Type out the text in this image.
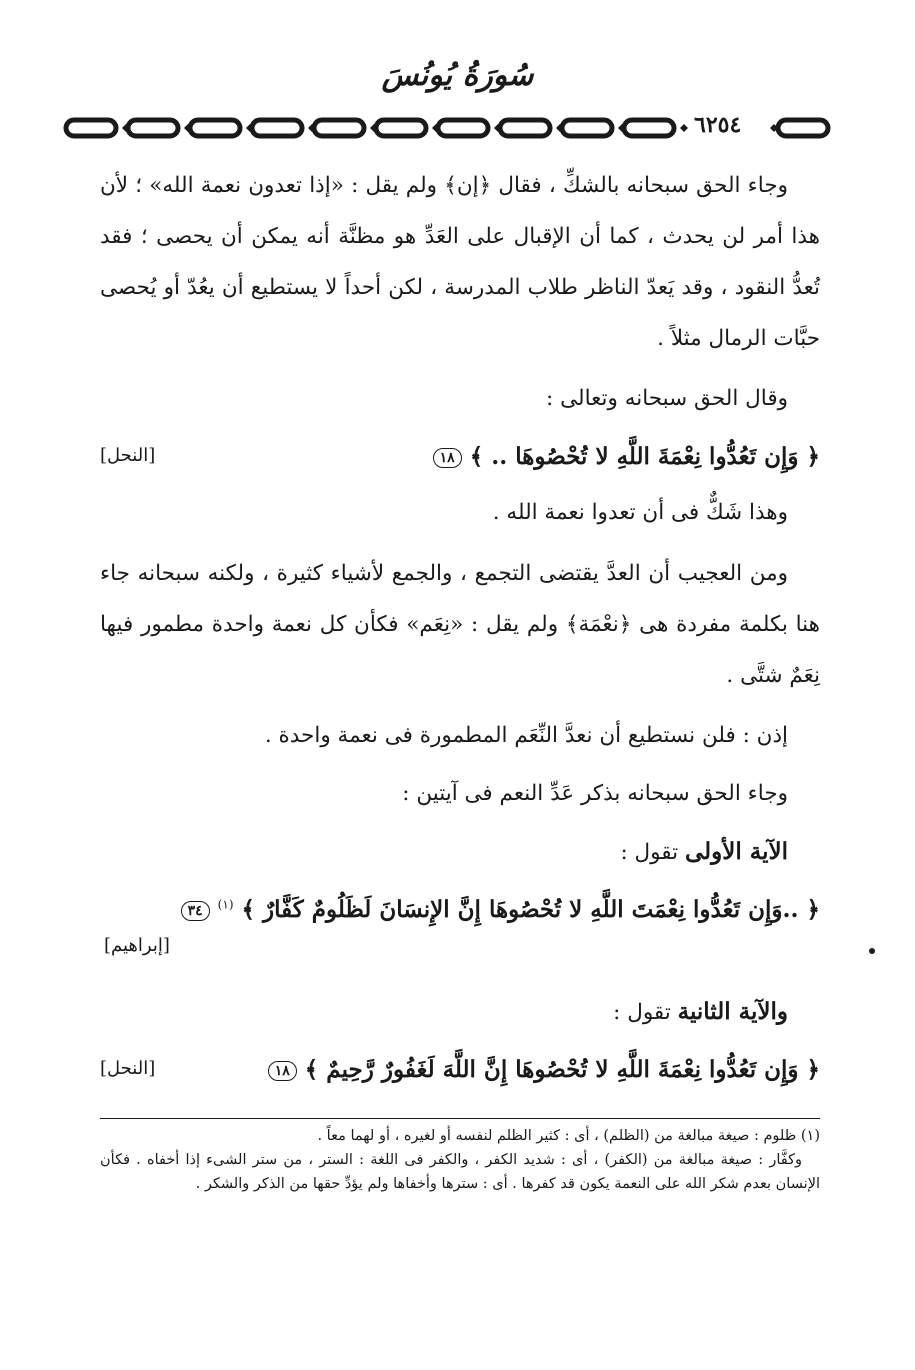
سُورَةُ يُونُسَ
٦٢٥٤

وجاء الحق سبحانه بالشكِّ ، فقال ﴿إن﴾ ولم يقل : «إذا تعدون نعمة الله» ؛ لأن هذا أمر لن يحدث ، كما أن الإقبال على العَدِّ هو مظنَّة أنه يمكن أن يحصى ؛ فقد تُعدُّ النقود ، وقد يَعدّ الناظر طلاب المدرسة ، لكن أحداً لا يستطيع أن يعُدّ أو يُحصى حبَّات الرمال مثلاً .

وقال الحق سبحانه وتعالى :
﴿ وَإِن تَعُدُّوا نِعْمَةَ اللَّهِ لا تُحْصُوهَا .. ﴾ ١٨
[النحل]
وهذا شَكٌّ فى أن تعدوا نعمة الله .

ومن العجيب أن العدَّ يقتضى التجمع ، والجمع لأشياء كثيرة ، ولكنه سبحانه جاء هنا بكلمة مفردة هى ﴿نعْمَة﴾ ولم يقل : «نِعَم» فكأن كل نعمة واحدة مطمور فيها نِعَمٌ شتَّى .

إذن : فلن نستطيع أن نعدَّ النِّعَم المطمورة فى نعمة واحدة .
وجاء الحق سبحانه بذكر عَدِّ النعم فى آيتين :
الآية الأولى تقول :
﴿ ..وَإِن تَعُدُّوا نِعْمَتَ اللَّهِ لا تُحْصُوهَا إِنَّ الإِنسَانَ لَظَلُومٌ كَفَّارٌ ﴾ $^{(١)}$ ٣٤
[إبراهيم]
والآية الثانية تقول :
﴿ وَإِن تَعُدُّوا نِعْمَةَ اللَّهِ لا تُحْصُوهَا إِنَّ اللَّهَ لَغَفُورٌ رَّحِيمٌ ﴾ ١٨
[النحل]
(١) ظلوم : صيغة مبالغة من (الظلم) ، أى : كثير الظلم لنفسه أو لغيره ، أو لهما معاً .
وكفَّار : صيغة مبالغة من (الكفر) ، أى : شديد الكفر ، والكفر فى اللغة : الستر ، من ستر الشىء إذا أخفاه . فكأن الإنسان بعدم شكر الله على النعمة يكون قد كفرها . أى : سترها وأخفاها ولم يؤدِّ حقها من الذكر والشكر .
